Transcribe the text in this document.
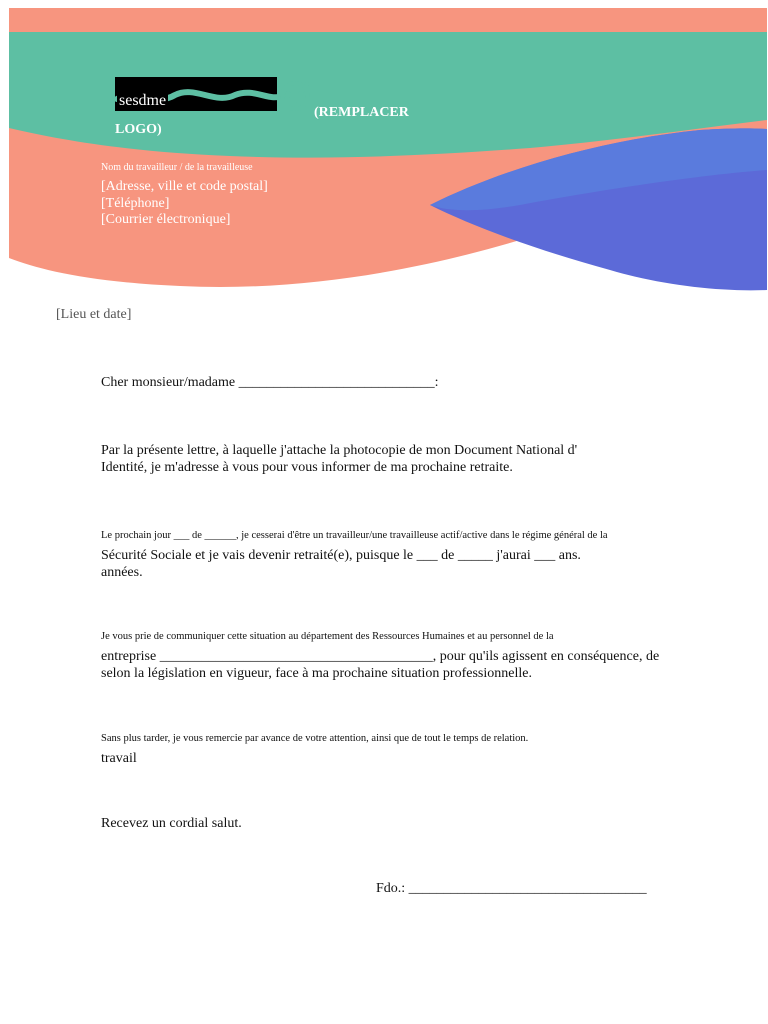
sesdme
(REMPLACER
LOGO)
Nom du travailleur / de la travailleuse
[Adresse, ville et code postal]
[Téléphone]
[Courrier électronique]
[Lieu et date]
Cher monsieur/madame ____________________________:
Par la présente lettre, à laquelle j'attache la photocopie de mon Document National d'
Identité, je m'adresse à vous pour vous informer de ma prochaine retraite.
Le prochain jour ___ de ______, je cesserai d'être un travailleur/une travailleuse actif/active dans le régime général de la
Sécurité Sociale et je vais devenir retraité(e), puisque le ___ de _____ j'aurai ___ ans.
années.
Je vous prie de communiquer cette situation au département des Ressources Humaines et au personnel de la
entreprise _______________________________________, pour qu'ils agissent en conséquence, de
selon la législation en vigueur, face à ma prochaine situation professionnelle.
Sans plus tarder, je vous remercie par avance de votre attention, ainsi que de tout le temps de relation.
travail
Recevez un cordial salut.
Fdo.: __________________________________
